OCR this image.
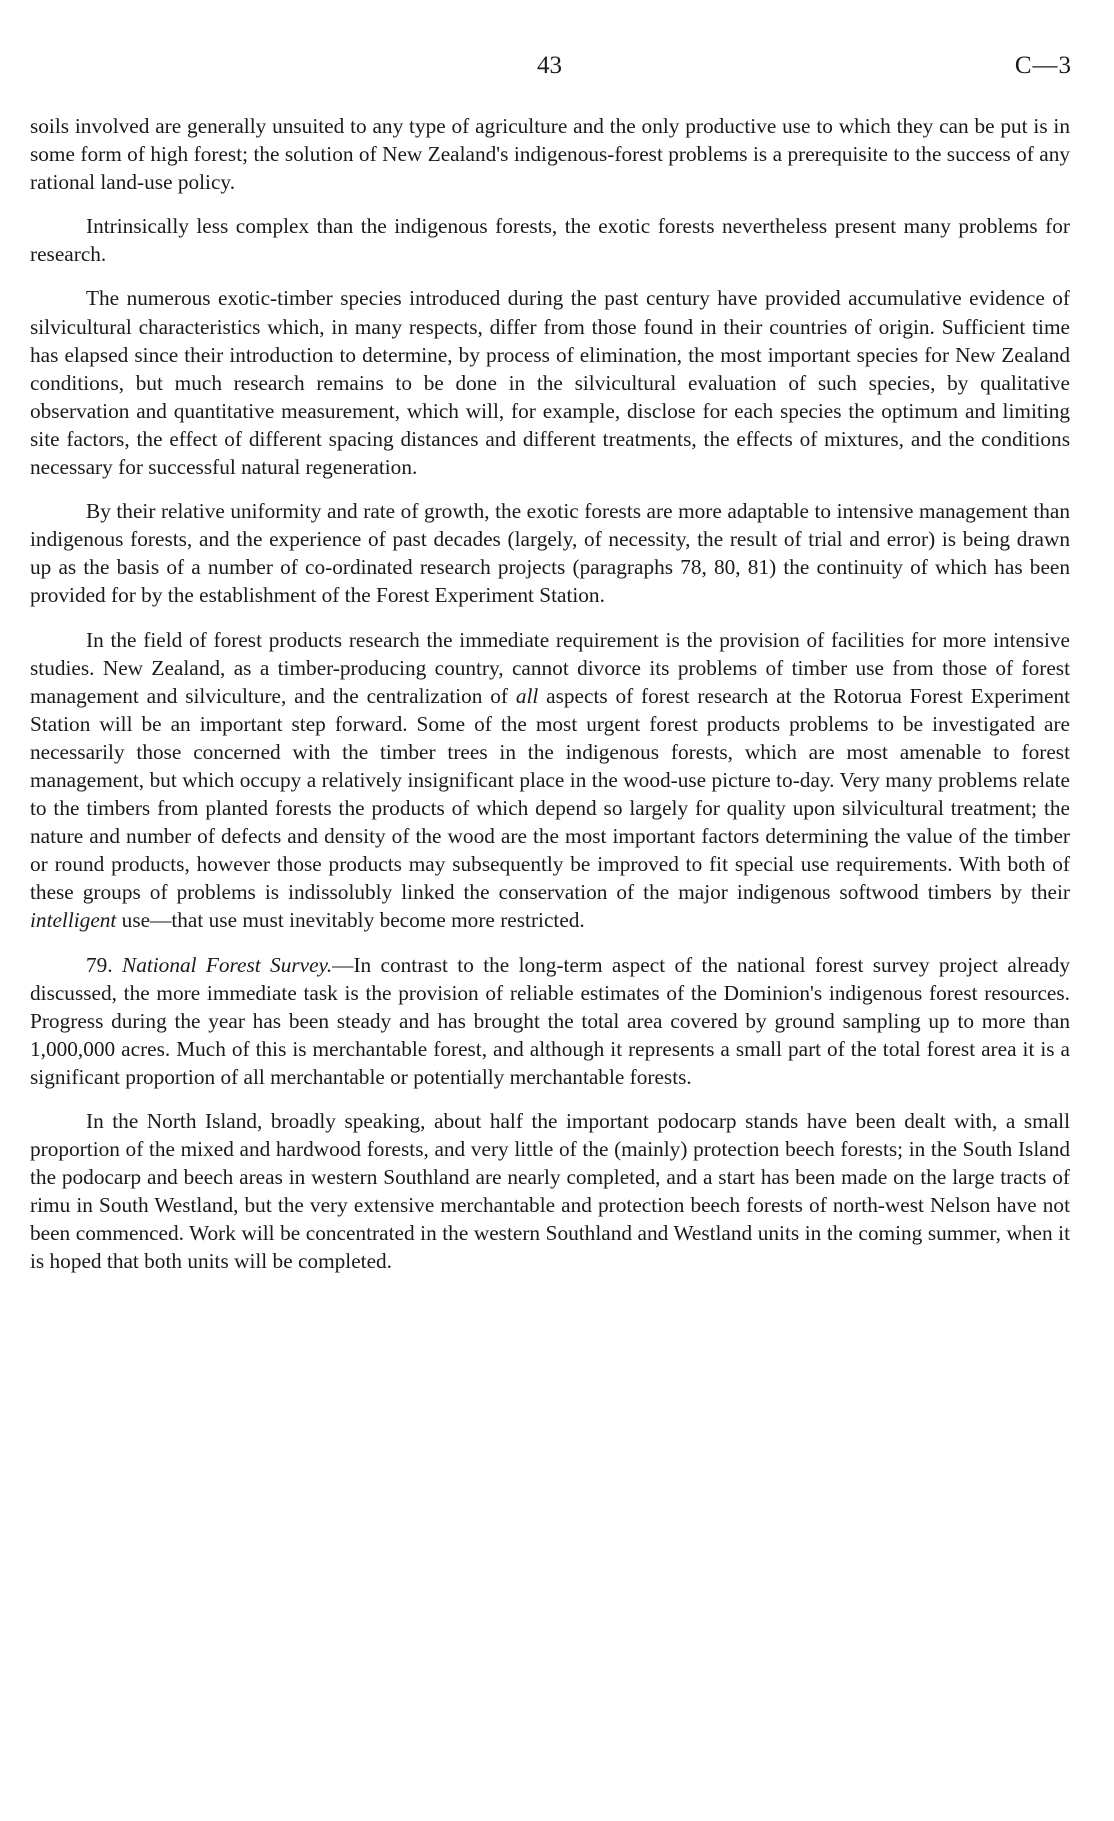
43	C—3

soils involved are generally unsuited to any type of agriculture and the only productive use to which they can be put is in some form of high forest; the solution of New Zealand's indigenous-forest problems is a prerequisite to the success of any rational land-use policy.

Intrinsically less complex than the indigenous forests, the exotic forests nevertheless present many problems for research.

The numerous exotic-timber species introduced during the past century have provided accumulative evidence of silvicultural characteristics which, in many respects, differ from those found in their countries of origin. Sufficient time has elapsed since their introduction to determine, by process of elimination, the most important species for New Zealand conditions, but much research remains to be done in the silvicultural evaluation of such species, by qualitative observation and quantitative measurement, which will, for example, disclose for each species the optimum and limiting site factors, the effect of different spacing distances and different treatments, the effects of mixtures, and the conditions necessary for successful natural regeneration.

By their relative uniformity and rate of growth, the exotic forests are more adaptable to intensive management than indigenous forests, and the experience of past decades (largely, of necessity, the result of trial and error) is being drawn up as the basis of a number of co-ordinated research projects (paragraphs 78, 80, 81) the continuity of which has been provided for by the establishment of the Forest Experiment Station.

In the field of forest products research the immediate requirement is the provision of facilities for more intensive studies. New Zealand, as a timber-producing country, cannot divorce its problems of timber use from those of forest management and silviculture, and the centralization of all aspects of forest research at the Rotorua Forest Experiment Station will be an important step forward. Some of the most urgent forest products problems to be investigated are necessarily those concerned with the timber trees in the indigenous forests, which are most amenable to forest management, but which occupy a relatively insignificant place in the wood-use picture to-day. Very many problems relate to the timbers from planted forests the products of which depend so largely for quality upon silvicultural treatment; the nature and number of defects and density of the wood are the most important factors determining the value of the timber or round products, however those products may subsequently be improved to fit special use requirements. With both of these groups of problems is indissolubly linked the conservation of the major indigenous softwood timbers by their intelligent use—that use must inevitably become more restricted.

79. National Forest Survey.—In contrast to the long-term aspect of the national forest survey project already discussed, the more immediate task is the provision of reliable estimates of the Dominion's indigenous forest resources. Progress during the year has been steady and has brought the total area covered by ground sampling up to more than 1,000,000 acres. Much of this is merchantable forest, and although it represents a small part of the total forest area it is a significant proportion of all merchantable or potentially merchantable forests.

In the North Island, broadly speaking, about half the important podocarp stands have been dealt with, a small proportion of the mixed and hardwood forests, and very little of the (mainly) protection beech forests; in the South Island the podocarp and beech areas in western Southland are nearly completed, and a start has been made on the large tracts of rimu in South Westland, but the very extensive merchantable and protection beech forests of north-west Nelson have not been commenced. Work will be concentrated in the western Southland and Westland units in the coming summer, when it is hoped that both units will be completed.
